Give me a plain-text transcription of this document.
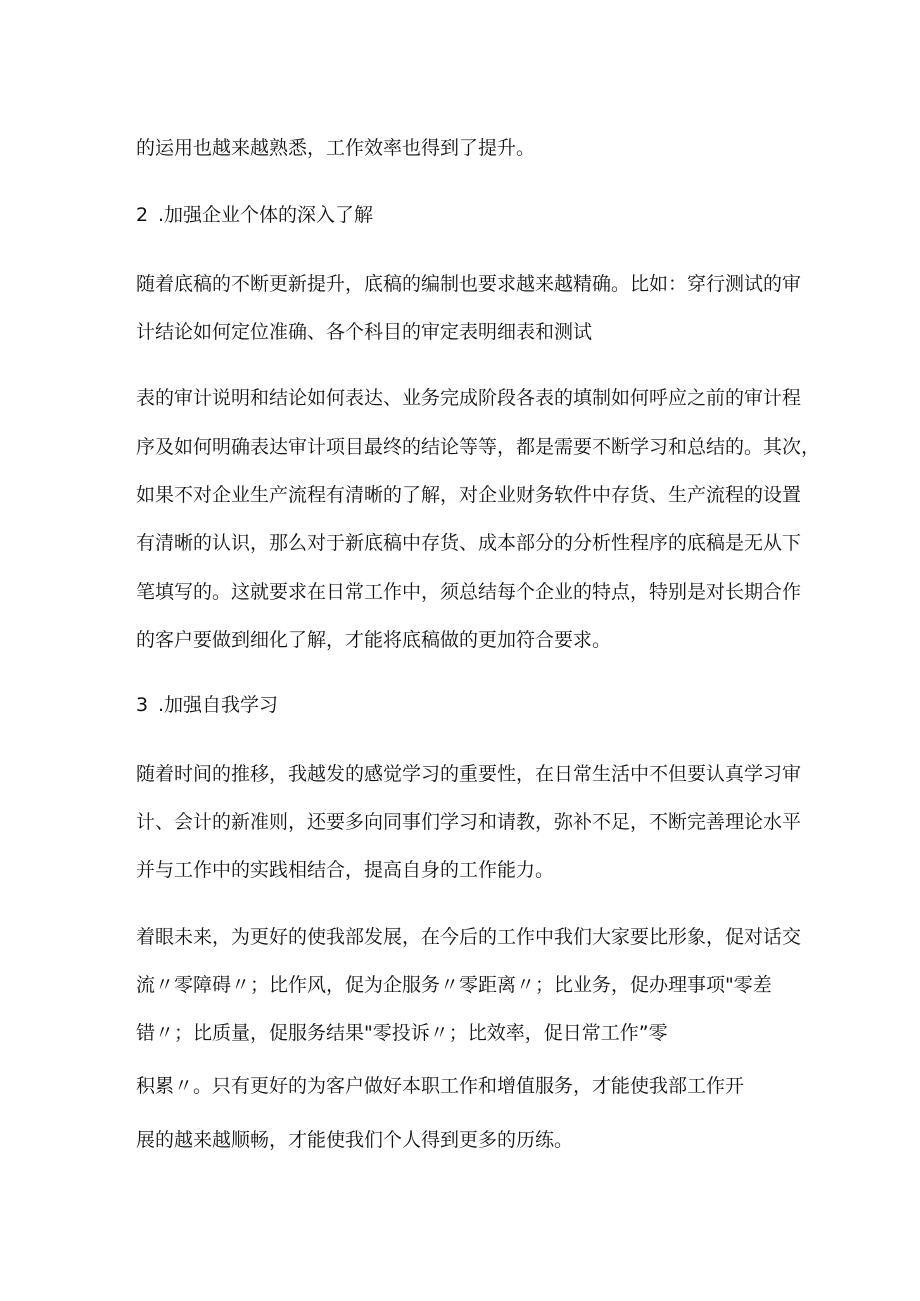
的运用也越来越熟悉，工作效率也得到了提升。
2 .加强企业个体的深入了解
随着底稿的不断更新提升，底稿的编制也要求越来越精确。比如：穿行测试的审
计结论如何定位准确、各个科目的审定表明细表和测试
表的审计说明和结论如何表达、业务完成阶段各表的填制如何呼应之前的审计程
序及如何明确表达审计项目最终的结论等等，都是需要不断学习和总结的。其次，
如果不对企业生产流程有清晰的了解，对企业财务软件中存货、生产流程的设置
有清晰的认识，那么对于新底稿中存货、成本部分的分析性程序的底稿是无从下
笔填写的。这就要求在日常工作中，须总结每个企业的特点，特别是对长期合作
的客户要做到细化了解，才能将底稿做的更加符合要求。
3 .加强自我学习
随着时间的推移，我越发的感觉学习的重要性，在日常生活中不但要认真学习审
计、会计的新准则，还要多向同事们学习和请教，弥补不足，不断完善理论水平
并与工作中的实践相结合，提高自身的工作能力。
着眼未来，为更好的使我部发展，在今后的工作中我们大家要比形象，促对话交
流〃零障碍〃；比作风，促为企服务〃零距离〃；比业务，促办理事项"零差
错〃；比质量，促服务结果"零投诉〃；比效率，促日常工作”零
积累〃。只有更好的为客户做好本职工作和增值服务，才能使我部工作开
展的越来越顺畅，才能使我们个人得到更多的历练。
